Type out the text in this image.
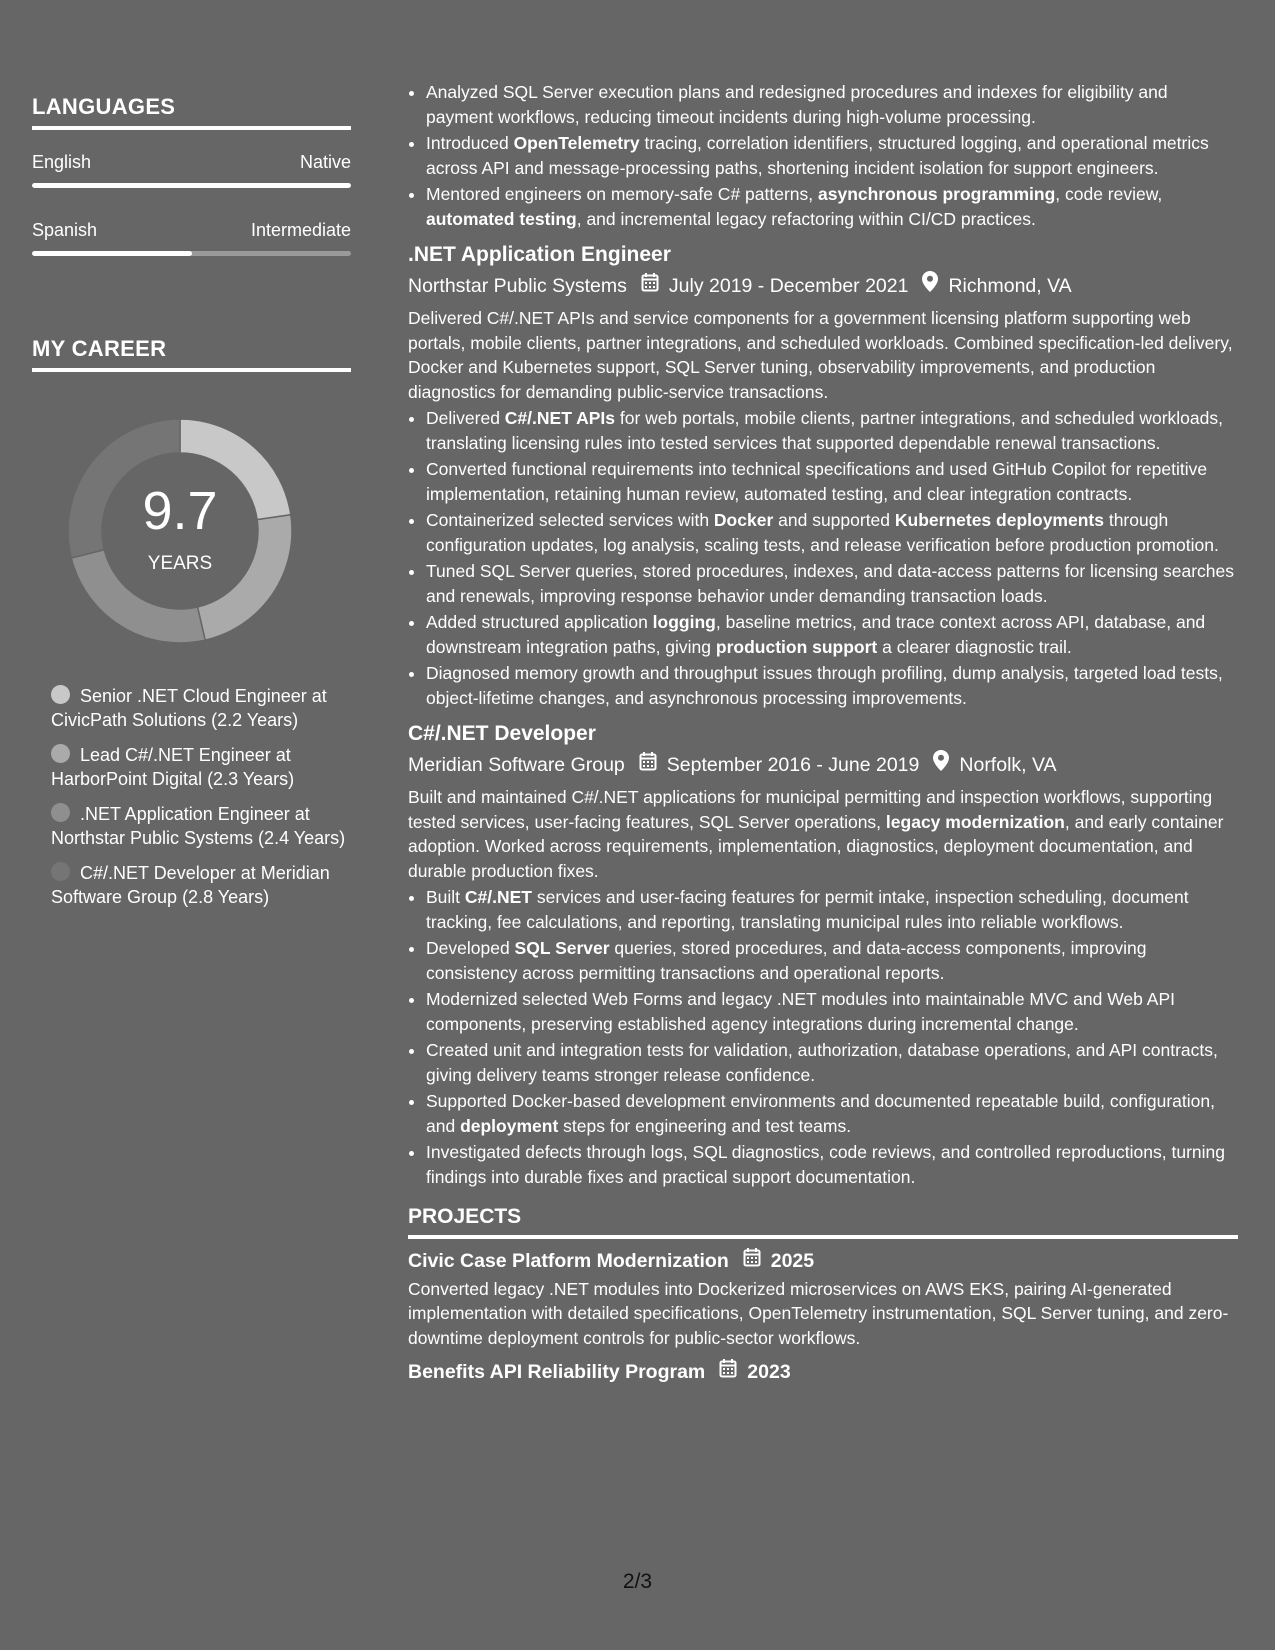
LANGUAGES
English	Native
Spanish	Intermediate
MY CAREER
9.7
YEARS
Senior .NET Cloud Engineer at CivicPath Solutions (2.2 Years)
Lead C#/.NET Engineer at HarborPoint Digital (2.3 Years)
.NET Application Engineer at Northstar Public Systems (2.4 Years)
C#/.NET Developer at Meridian Software Group (2.8 Years)
• Analyzed SQL Server execution plans and redesigned procedures and indexes for eligibility and payment workflows, reducing timeout incidents during high-volume processing.
• Introduced OpenTelemetry tracing, correlation identifiers, structured logging, and operational metrics across API and message-processing paths, shortening incident isolation for support engineers.
• Mentored engineers on memory-safe C# patterns, asynchronous programming, code review, automated testing, and incremental legacy refactoring within CI/CD practices.
.NET Application Engineer
Northstar Public Systems July 2019 - December 2021 Richmond, VA

Delivered C#/.NET APIs and service components for a government licensing platform supporting web portals, mobile clients, partner integrations, and scheduled workloads. Combined specification-led delivery, Docker and Kubernetes support, SQL Server tuning, observability improvements, and production diagnostics for demanding public-service transactions.

• Delivered C#/.NET APIs for web portals, mobile clients, partner integrations, and scheduled workloads, translating licensing rules into tested services that supported dependable renewal transactions.
• Converted functional requirements into technical specifications and used GitHub Copilot for repetitive implementation, retaining human review, automated testing, and clear integration contracts.
• Containerized selected services with Docker and supported Kubernetes deployments through configuration updates, log analysis, scaling tests, and release verification before production promotion.
• Tuned SQL Server queries, stored procedures, indexes, and data-access patterns for licensing searches and renewals, improving response behavior under demanding transaction loads.
• Added structured application logging, baseline metrics, and trace context across API, database, and downstream integration paths, giving production support a clearer diagnostic trail.
• Diagnosed memory growth and throughput issues through profiling, dump analysis, targeted load tests, object-lifetime changes, and asynchronous processing improvements.
C#/.NET Developer
Meridian Software Group September 2016 - June 2019 Norfolk, VA

Built and maintained C#/.NET applications for municipal permitting and inspection workflows, supporting tested services, user-facing features, SQL Server operations, legacy modernization, and early container adoption. Worked across requirements, implementation, diagnostics, deployment documentation, and durable production fixes.

• Built C#/.NET services and user-facing features for permit intake, inspection scheduling, document tracking, fee calculations, and reporting, translating municipal rules into reliable workflows.
• Developed SQL Server queries, stored procedures, and data-access components, improving consistency across permitting transactions and operational reports.
• Modernized selected Web Forms and legacy .NET modules into maintainable MVC and Web API components, preserving established agency integrations during incremental change.
• Created unit and integration tests for validation, authorization, database operations, and API contracts, giving delivery teams stronger release confidence.
• Supported Docker-based development environments and documented repeatable build, configuration, and deployment steps for engineering and test teams.
• Investigated defects through logs, SQL diagnostics, code reviews, and controlled reproductions, turning findings into durable fixes and practical support documentation.
PROJECTS
Civic Case Platform Modernization 2025

Converted legacy .NET modules into Dockerized microservices on AWS EKS, pairing AI-generated implementation with detailed specifications, OpenTelemetry instrumentation, SQL Server tuning, and zero-downtime deployment controls for public-sector workflows.

Benefits API Reliability Program 2023
2/3
